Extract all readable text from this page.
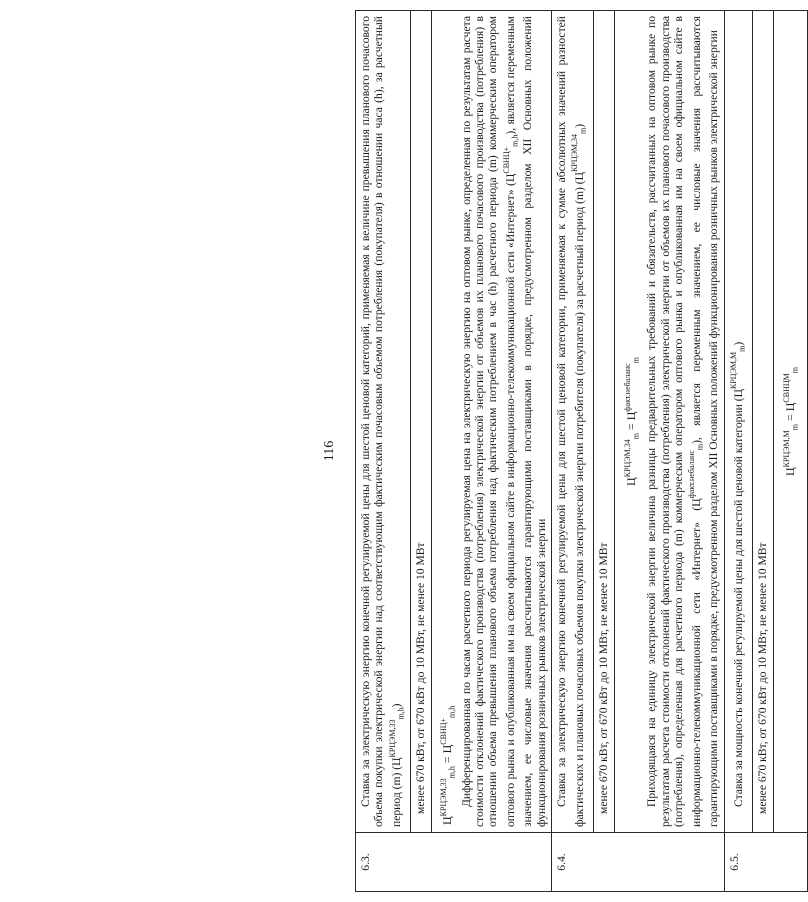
116
6.3.	Ставка за электрическую энергию конечной регулируемой цены для шестой ценовой категорий, применяемая к величине превышения планового почасового объема покупки электрической энергии над соответствующим фактическим почасовым объемом потребления (покупателя) в отношении часа (h), за расчетный период (m) $(Ц^{КРЦЭМ,33}_{m,h})$

	менее 670 кВт, от 670 кВт до 10 МВт, не менее 10 МВт

	$Ц^{КРЦЭМ,33}_{m,h} = Ц^{СВНЦ+}_{m,h}$ Дифференцированная по часам расчетного периода регулируемая цена на электрическую энергию на оптовом рынке, определенная по результатам расчета стоимости отклонений фактического производства (потребления) электрической энергии от объемов их планового почасового производства (потребления) в отношении объема превышения планового объема потребления над фактическим потреблением в час (h) расчетного периода (m) коммерческим оператором оптового рынка и опубликованная им на своем официальном сайте в информационно-телекоммуникационной сети «Интернет» $(Ц^{СВНЦ+}_{m,h})$, является переменным значением, ее числовые значения рассчитываются гарантирующими поставщиками в порядке, предусмотренном разделом XII Основных положений функционирования розничных рынков электрической энергии

6.4.	Ставка за электрическую энергию конечной регулируемой цены для шестой ценовой категории, применяемая к сумме абсолютных значений разностей фактических и плановых почасовых объемов покупки электрической энергии потребителя (покупателя) за расчетный период (m) $(Ц^{КРЦЭМ,34}_m)$

	менее 670 кВт, от 670 кВт до 10 МВт, не менее 10 МВт

	$Ц^{КРЦЭМ,34}_m = Ц^{факт.небаланс}_m$ Приходящаяся на единицу электрической энергии величина разницы предварительных требований и обязательств, рассчитанных на оптовом рынке по результатам расчета стоимости отклонений фактического производства (потребления) электрической энергии от объемов их планового почасового производства (потребления), определенная для расчетного периода (m) коммерческим оператором оптового рынка и опубликованная им на своем официальном сайте в информационно-телекоммуникационной сети «Интернет» $(Ц^{факт.небаланс}_m)$, является переменным значением, ее числовые значения рассчитываются гарантирующими поставщиками в порядке, предусмотренном разделом XII Основных положений функционирования розничных рынков электрической энергии

6.5.	Ставка за мощность конечной регулируемой цены для шестой ценовой категории $(Ц^{КРЦЭМ,М}_m)$

	менее 670 кВт, от 670 кВт до 10 МВт, не менее 10 МВт

	$Ц^{КРЦЭМ,М}_m = Ц^{СВНЦМ}_m$
